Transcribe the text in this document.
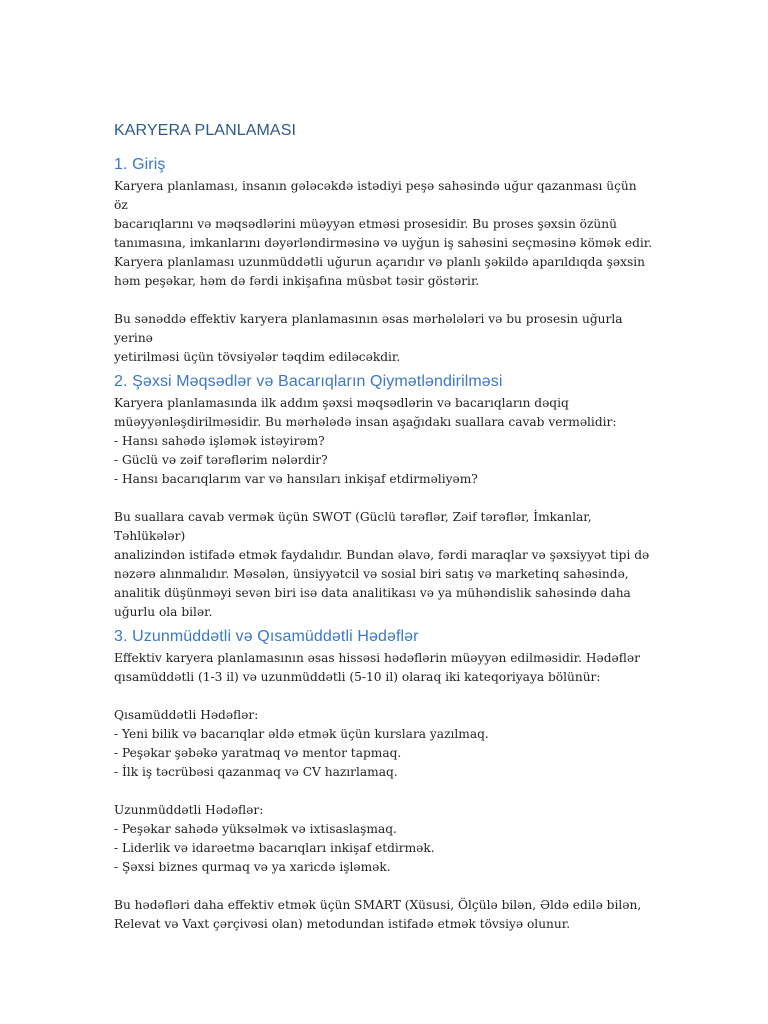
KARYERA PLANLAMASI
1. Giriş

Karyera planlaması, insanın gələcəkdə istədiyi peşə sahəsində uğur qazanması üçün öz
bacarıqlarını və məqsədlərini müəyyən etməsi prosesidir. Bu proses şəxsin özünü
tanımasına, imkanlarını dəyərləndirməsinə və uyğun iş sahəsini seçməsinə kömək edir.
Karyera planlaması uzunmüddətli uğurun açarıdır və planlı şəkildə aparıldıqda şəxsin
həm peşəkar, həm də fərdi inkişafına müsbət təsir göstərir.

Bu sənəddə effektiv karyera planlamasının əsas mərhələləri və bu prosesin uğurla yerinə
yetirilməsi üçün tövsiyələr təqdim ediləcəkdir.

2. Şəxsi Məqsədlər və Bacarıqların Qiymətləndirilməsi

Karyera planlamasında ilk addım şəxsi məqsədlərin və bacarıqların dəqiq
müəyyənləşdirilməsidir. Bu mərhələdə insan aşağıdakı suallara cavab verməlidir:
- Hansı sahədə işləmək istəyirəm?
- Güclü və zəif tərəflərim nələrdir?
- Hansı bacarıqlarım var və hansıları inkişaf etdirməliyəm?

Bu suallara cavab vermək üçün SWOT (Güclü tərəflər, Zəif tərəflər, İmkanlar, Təhlükələr)
analizindən istifadə etmək faydalıdır. Bundan əlavə, fərdi maraqlar və şəxsiyyət tipi də
nəzərə alınmalıdır. Məsələn, ünsiyyətcil və sosial biri satış və marketinq sahəsində,
analitik düşünməyi sevən biri isə data analitikası və ya mühəndislik sahəsində daha
uğurlu ola bilər.

3. Uzunmüddətli və Qısamüddətli Hədəflər

Effektiv karyera planlamasının əsas hissəsi hədəflərin müəyyən edilməsidir. Hədəflər
qısamüddətli (1-3 il) və uzunmüddətli (5-10 il) olaraq iki kateqoriyaya bölünür:

Qısamüddətli Hədəflər:
- Yeni bilik və bacarıqlar əldə etmək üçün kurslara yazılmaq.
- Peşəkar şəbəkə yaratmaq və mentor tapmaq.
- İlk iş təcrübəsi qazanmaq və CV hazırlamaq.

Uzunmüddətli Hədəflər:
- Peşəkar sahədə yüksəlmək və ixtisaslaşmaq.
- Liderlik və idarəetmə bacarıqları inkişaf etdirmək.
- Şəxsi biznes qurmaq və ya xaricdə işləmək.

Bu hədəfləri daha effektiv etmək üçün SMART (Xüsusi, Ölçülə bilən, Əldə edilə bilən,
Relevat və Vaxt çərçivəsi olan) metodundan istifadə etmək tövsiyə olunur.
